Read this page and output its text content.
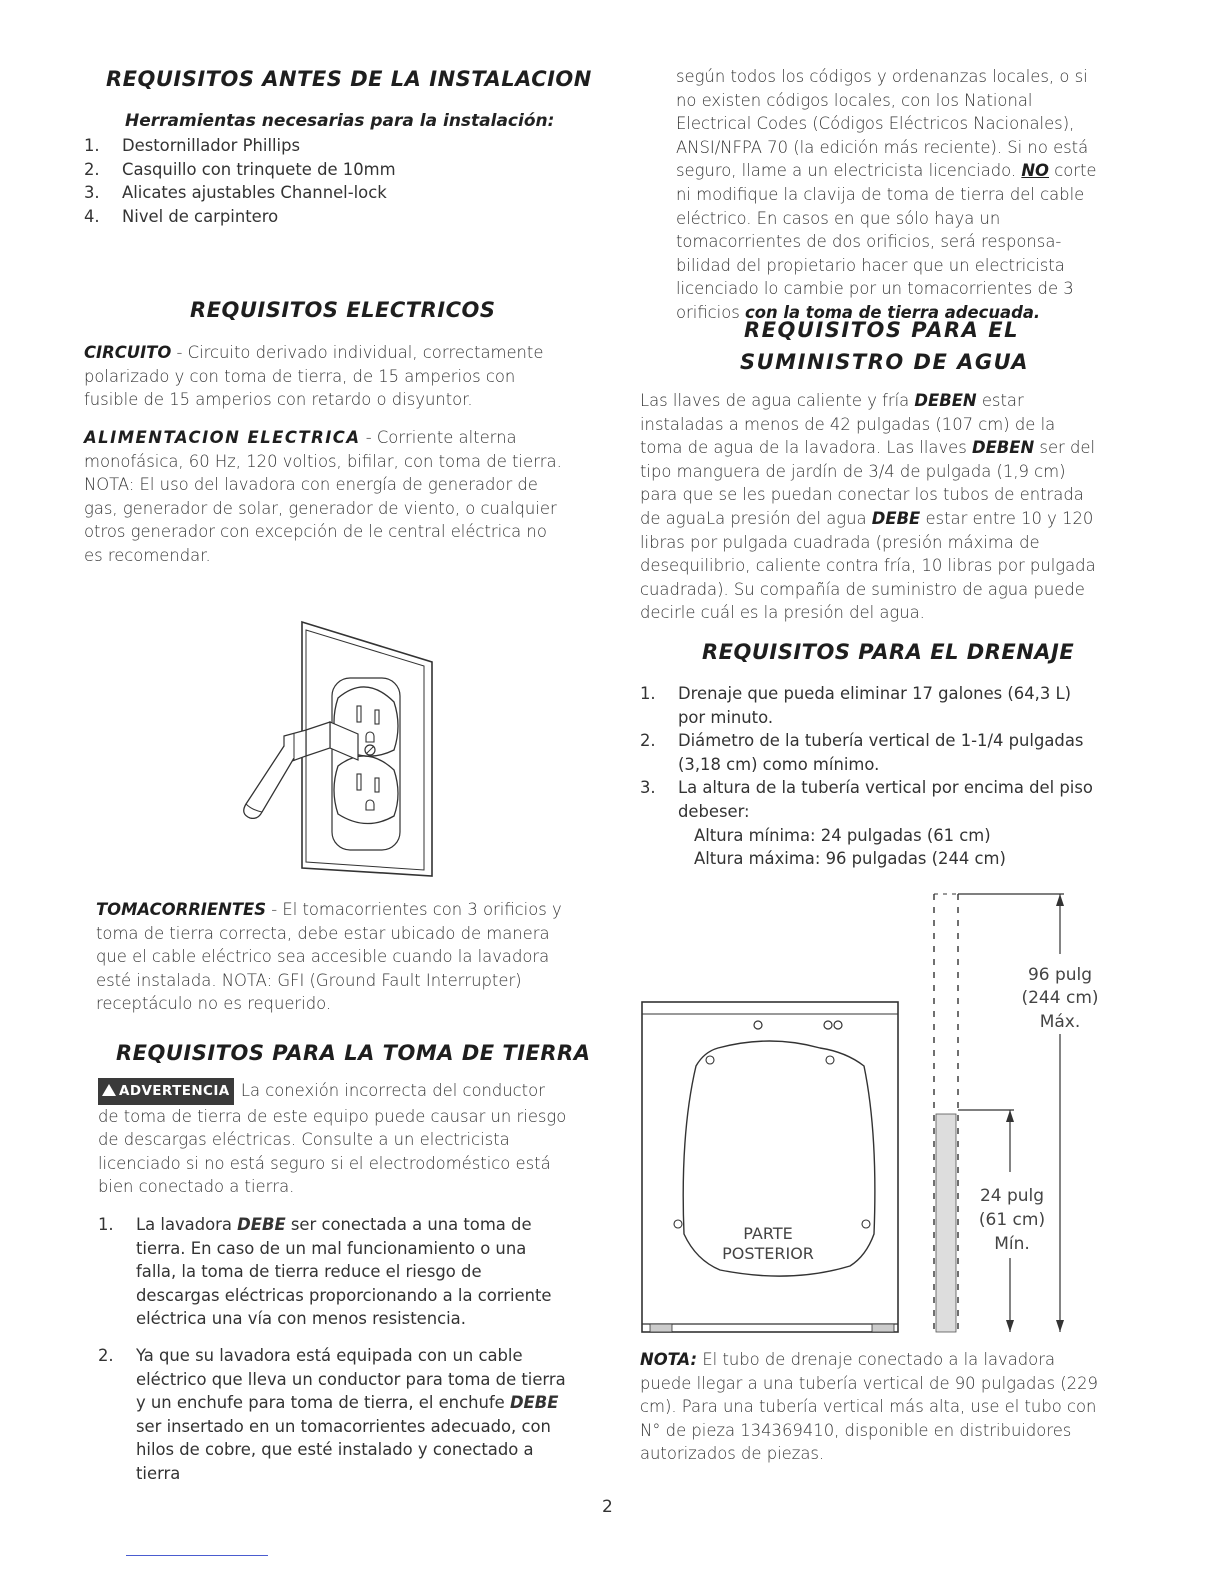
REQUISITOS ANTES DE LA INSTALACION
Herramientas necesarias para la instalación:
1. Destornillador Phillips
2. Casquillo con trinquete de 10mm
3. Alicates ajustables Channel-lock
4. Nivel de carpintero
REQUISITOS ELECTRICOS

CIRCUITO - Circuito derivado individual, correctamente polarizado y con toma de tierra, de 15 amperios con fusible de 15 amperios con retardo o disyuntor.

ALIMENTACION ELECTRICA - Corriente alterna monofásica, 60 Hz, 120 voltios, bifilar, con toma de tierra. NOTA: El uso del lavadora con energía de generador de gas, generador de solar, generador de viento, o cualquier otros generador con excepción de le central eléctrica no es recomendar.

TOMACORRIENTES - El tomacorrientes con 3 orificios y toma de tierra correcta, debe estar ubicado de manera que el cable eléctrico sea accesible cuando la lavadora esté instalada. NOTA: GFI (Ground Fault Interrupter) receptáculo no es requerido.

REQUISITOS PARA LA TOMA DE TIERRA

ADVERTENCIA La conexión incorrecta del conductor de toma de tierra de este equipo puede causar un riesgo de descargas eléctricas. Consulte a un electricista licenciado si no está seguro si el electrodoméstico está bien conectado a tierra.

1. La lavadora DEBE ser conectada a una toma de tierra. En caso de un mal funcionamiento o una falla, la toma de tierra reduce el riesgo de descargas eléctricas proporcionando a la corriente eléctrica una vía con menos resistencia.
2. Ya que su lavadora está equipada con un cable eléctrico que lleva un conductor para toma de tierra y un enchufe para toma de tierra, el enchufe DEBE ser insertado en un tomacorrientes adecuado, con hilos de cobre, que esté instalado y conectado a tierra

según todos los códigos y ordenanzas locales, o si no existen códigos locales, con los National Electrical Codes (Códigos Eléctricos Nacionales), ANSI/NFPA 70 (la edición más reciente). Si no está seguro, llame a un electricista licenciado. NO corte ni modifique la clavija de toma de tierra del cable eléctrico. En casos en que sólo haya un tomacorrientes de dos orificios, será responsa-bilidad del propietario hacer que un electricista licenciado lo cambie por un tomacorrientes de 3 orificios con la toma de tierra adecuada.

REQUISITOS PARA EL
SUMINISTRO DE AGUA

Las llaves de agua caliente y fría DEBEN estar instaladas a menos de 42 pulgadas (107 cm) de la toma de agua de la lavadora. Las llaves DEBEN ser del tipo manguera de jardín de 3/4 de pulgada (1,9 cm) para que se les puedan conectar los tubos de entrada de aguaLa presión del agua DEBE estar entre 10 y 120 libras por pulgada cuadrada (presión máxima de desequilibrio, caliente contra fría, 10 libras por pulgada cuadrada). Su compañía de suministro de agua puede decirle cuál es la presión del agua.

REQUISITOS PARA EL DRENAJE
1. Drenaje que pueda eliminar 17 galones (64,3 L) por minuto.
2. Diámetro de la tubería vertical de 1-1/4 pulgadas (3,18 cm) como mínimo.
3. La altura de la tubería vertical por encima del piso debeser:
Altura mínima: 24 pulgadas (61 cm)
Altura máxima: 96 pulgadas (244 cm)
PARTE
POSTERIOR
96 pulg
(244 cm)
Máx.
24 pulg
(61 cm)
Mín.

NOTA: El tubo de drenaje conectado a la lavadora puede llegar a una tubería vertical de 90 pulgadas (229 cm). Para una tubería vertical más alta, use el tubo con N° de pieza 134369410, disponible en distribuidores autorizados de piezas.

2
